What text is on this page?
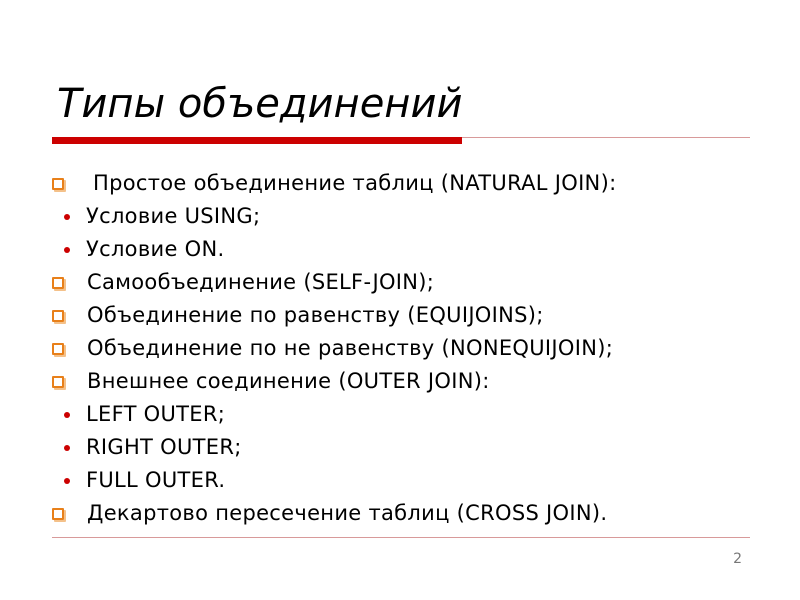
Типы объединений
Простое объединение таблиц (NATURAL JOIN):
Условие USING;
Условие ON.
Самообъединение (SELF-JOIN);
Объединение по равенству (EQUIJOINS);
Объединение по не равенству (NONEQUIJOIN);
Внешнее соединение (OUTER JOIN):
LEFT OUTER;
RIGHT OUTER;
FULL OUTER.
Декартово пересечение таблиц (CROSS JOIN).
2
